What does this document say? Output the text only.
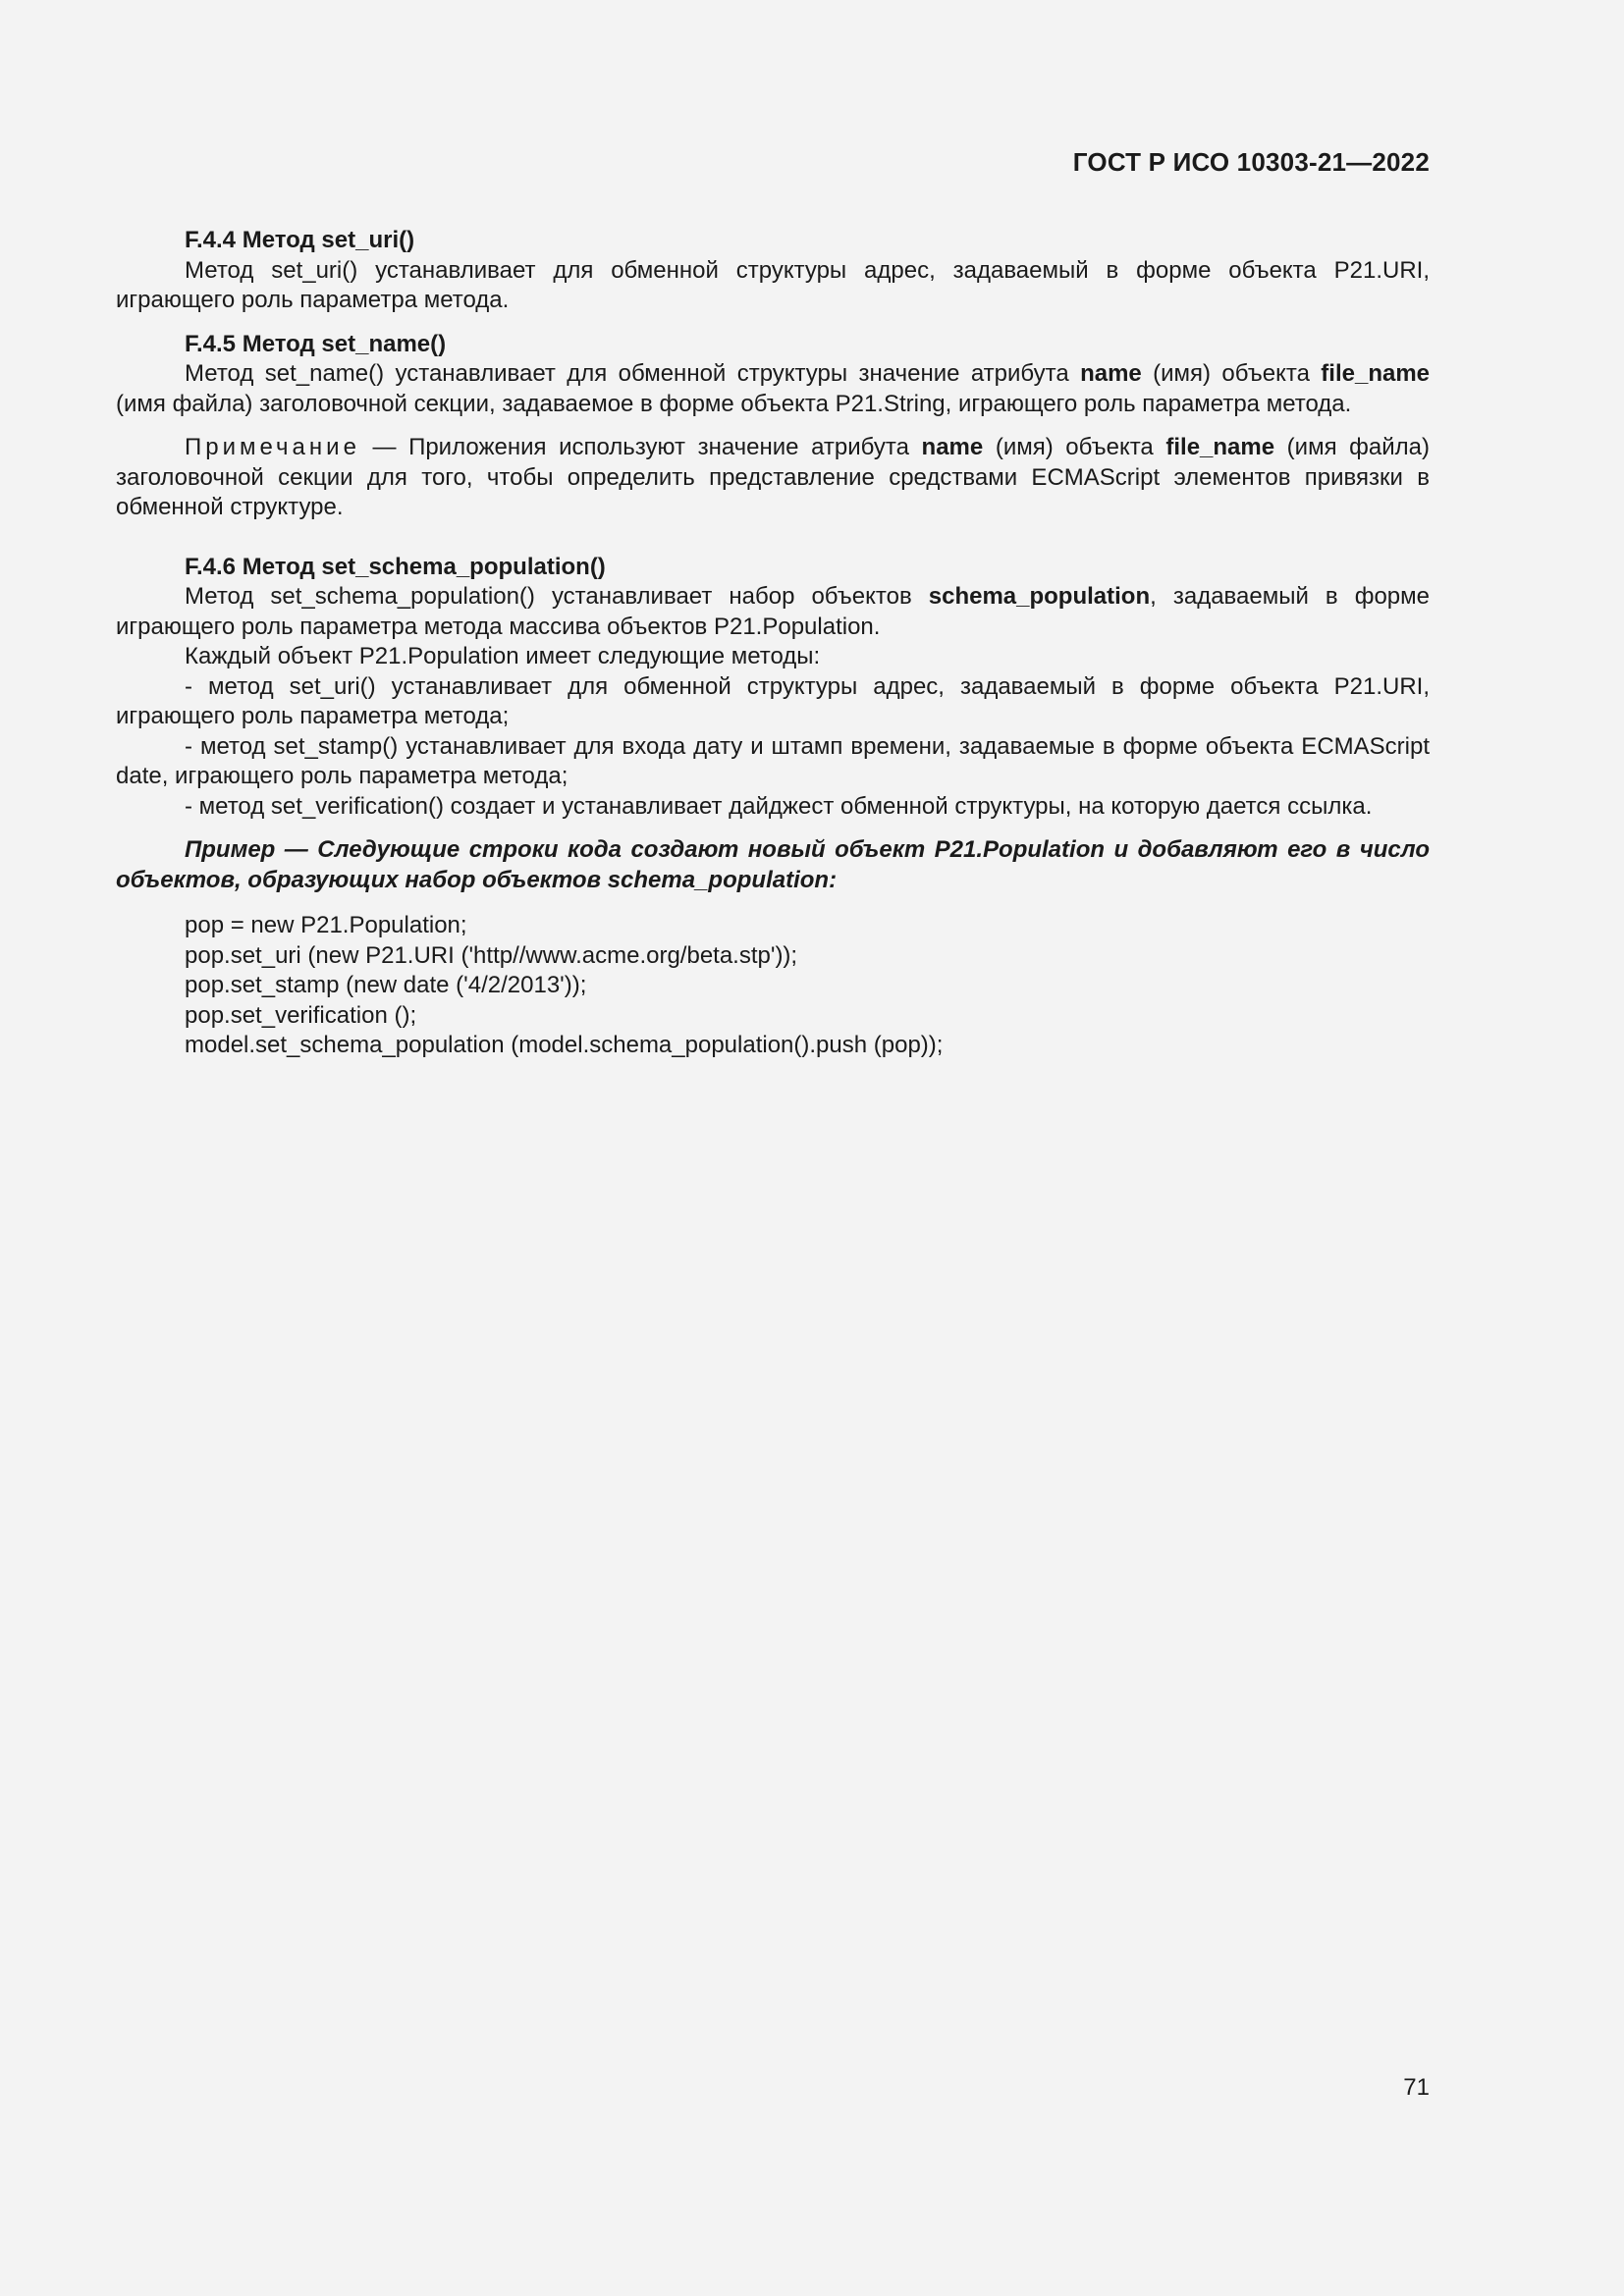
ГОСТ Р ИСО 10303-21—2022

F.4.4 Метод set_uri()

Метод set_uri() устанавливает для обменной структуры адрес, задаваемый в форме объекта P21.URI, играющего роль параметра метода.

F.4.5 Метод set_name()

Метод set_name() устанавливает для обменной структуры значение атрибута name (имя) объекта file_name (имя файла) заголовочной секции, задаваемое в форме объекта P21.String, играющего роль параметра метода.

Примечание — Приложения используют значение атрибута name (имя) объекта file_name (имя файла) заголовочной секции для того, чтобы определить представление средствами ECMAScript элементов привязки в обменной структуре.

F.4.6 Метод set_schema_population()

Метод set_schema_population() устанавливает набор объектов schema_population, задаваемый в форме играющего роль параметра метода массива объектов P21.Population.

Каждый объект P21.Population имеет следующие методы:

- метод set_uri() устанавливает для обменной структуры адрес, задаваемый в форме объекта P21.URI, играющего роль параметра метода;

- метод set_stamp() устанавливает для входа дату и штамп времени, задаваемые в форме объекта ECMAScript date, играющего роль параметра метода;

- метод set_verification() создает и устанавливает дайджест обменной структуры, на которую дается ссылка.

Пример — Следующие строки кода создают новый объект P21.Population и добавляют его в число объектов, образующих набор объектов schema_population:

pop = new P21.Population;
pop.set_uri (new P21.URI ('http//www.acme.org/beta.stp'));
pop.set_stamp (new date ('4/2/2013'));
pop.set_verification ();
model.set_schema_population (model.schema_population().push (pop));
71
